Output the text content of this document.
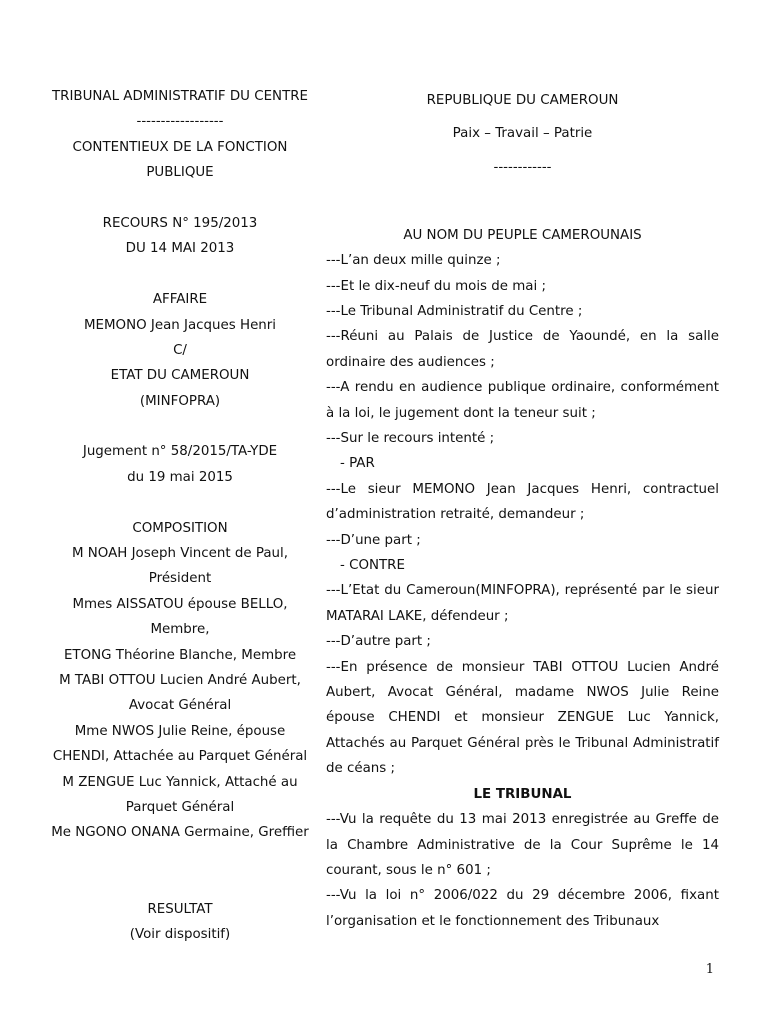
TRIBUNAL ADMINISTRATIF DU CENTRE
------------------
CONTENTIEUX DE LA FONCTION
PUBLIQUE
RECOURS N° 195/2013
DU 14 MAI 2013
AFFAIRE
MEMONO Jean Jacques Henri
C/
ETAT DU CAMEROUN
(MINFOPRA)
Jugement n° 58/2015/TA-YDE
du 19 mai 2015
COMPOSITION
M NOAH Joseph Vincent de Paul,
Président
Mmes AISSATOU épouse BELLO,
Membre,
ETONG Théorine Blanche, Membre
M TABI OTTOU Lucien André Aubert,
Avocat Général
Mme NWOS Julie Reine, épouse
CHENDI, Attachée au Parquet Général
M ZENGUE Luc Yannick, Attaché au
Parquet Général
Me NGONO ONANA Germaine, Greffier
RESULTAT
(Voir dispositif)
REPUBLIQUE DU CAMEROUN
Paix – Travail – Patrie
------------
AU NOM DU PEUPLE CAMEROUNAIS

---L’an deux mille quinze ;

---Et le dix-neuf du mois de mai ;

---Le Tribunal Administratif du Centre ;

---Réuni au Palais de Justice de Yaoundé, en la salle ordinaire des audiences ;

---A rendu en audience publique ordinaire, conformément à la loi, le jugement dont la teneur suit ;

---Sur le recours intenté ;

- PAR

---Le sieur MEMONO Jean Jacques Henri, contractuel d’administration retraité, demandeur ;

---D’une part ;

- CONTRE

---L’Etat du Cameroun(MINFOPRA), représenté par le sieur MATARAI LAKE, défendeur ;

---D’autre part ;

---En présence de monsieur TABI OTTOU Lucien André Aubert, Avocat Général, madame NWOS Julie Reine épouse CHENDI et monsieur ZENGUE Luc Yannick, Attachés au Parquet Général près le Tribunal Administratif de céans ;

LE TRIBUNAL

---Vu la requête du 13 mai 2013 enregistrée au Greffe de la Chambre Administrative de la Cour Suprême le 14 courant, sous le n° 601 ;

---Vu la loi n° 2006/022 du 29 décembre 2006, fixant l’organisation et le fonctionnement des Tribunaux

1
